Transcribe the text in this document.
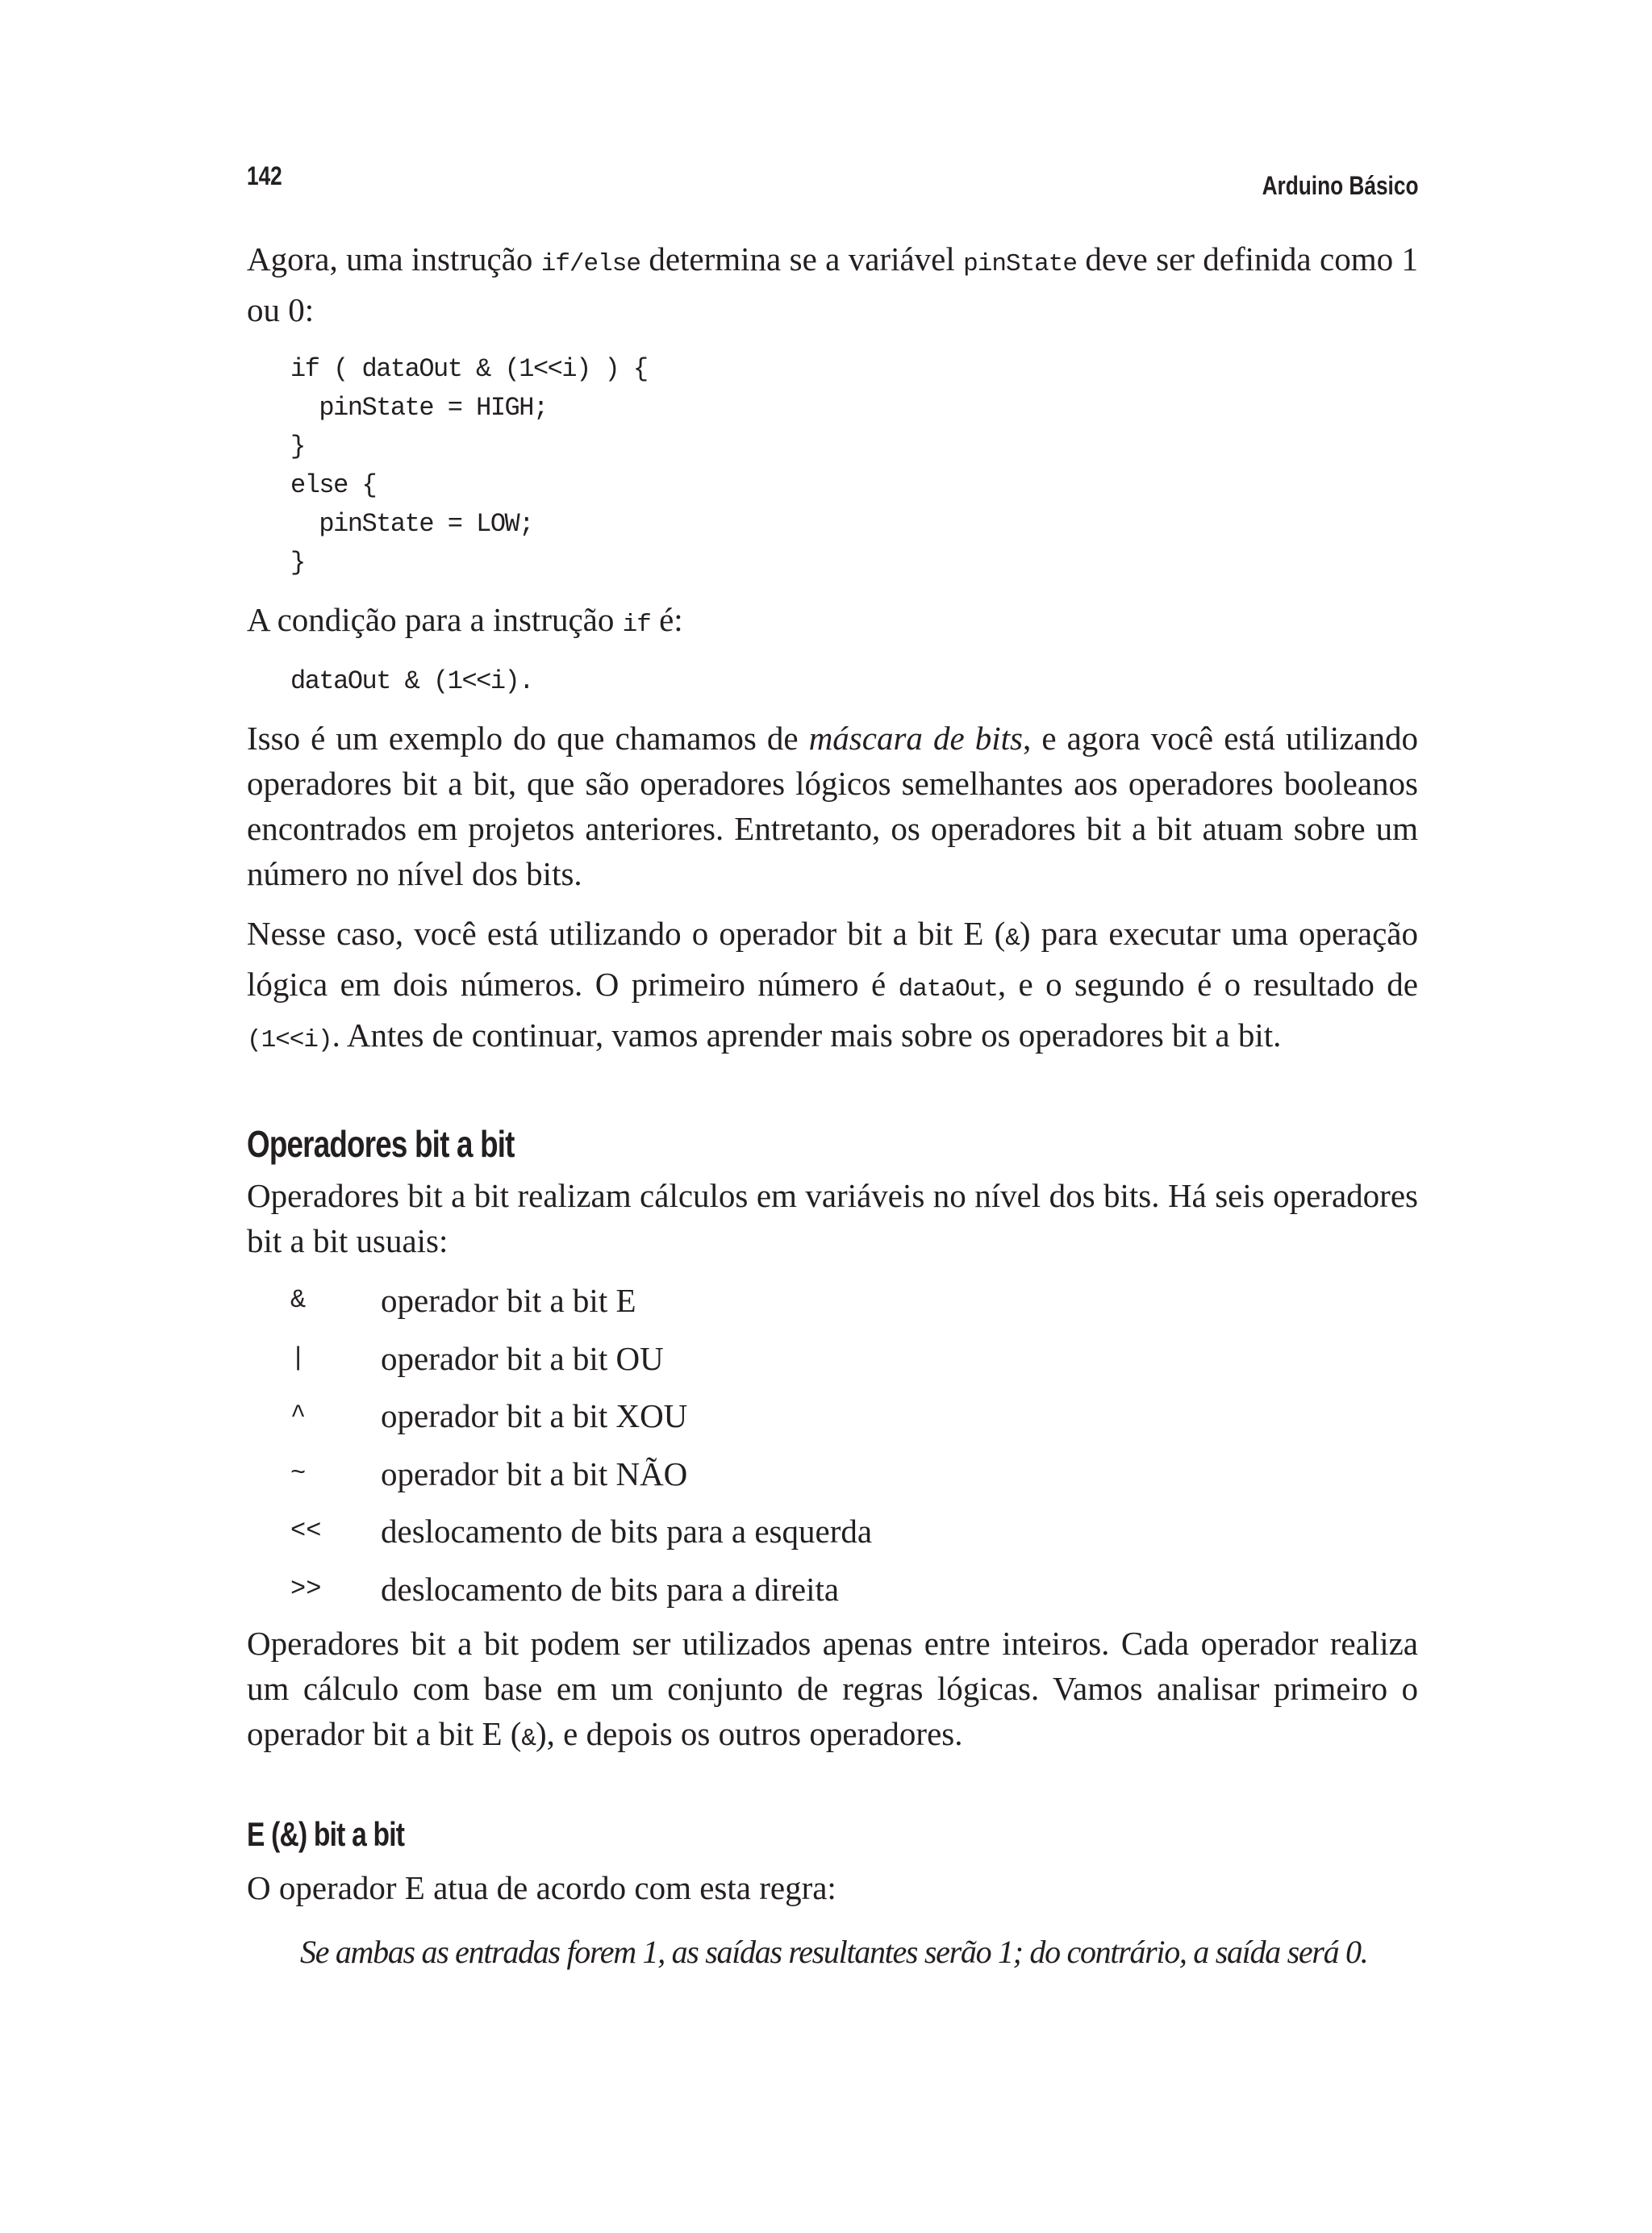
142	Arduino Básico

Agora, uma instrução if/else determina se a variável pinState deve ser definida como 1 ou 0:

if ( dataOut & (1<<i) ) {
pinState = HIGH;
}
else {
pinState = LOW;
}

A condição para a instrução if é:

dataOut & (1<<i).

Isso é um exemplo do que chamamos de máscara de bits, e agora você está utilizando operadores bit a bit, que são operadores lógicos semelhantes aos operadores booleanos encontrados em projetos anteriores. Entretanto, os operadores bit a bit atuam sobre um número no nível dos bits.

Nesse caso, você está utilizando o operador bit a bit E (&) para executar uma operação lógica em dois números. O primeiro número é dataOut, e o segundo é o resultado de (1<<i). Antes de continuar, vamos aprender mais sobre os operadores bit a bit.

Operadores bit a bit

Operadores bit a bit realizam cálculos em variáveis no nível dos bits. Há seis operadores bit a bit usuais:

&	operador bit a bit E
|	operador bit a bit OU
^	operador bit a bit XOU
~	operador bit a bit NÃO
<<	deslocamento de bits para a esquerda
>>	deslocamento de bits para a direita

Operadores bit a bit podem ser utilizados apenas entre inteiros. Cada operador realiza um cálculo com base em um conjunto de regras lógicas. Vamos analisar primeiro o operador bit a bit E (&), e depois os outros operadores.

E (&) bit a bit

O operador E atua de acordo com esta regra:

Se ambas as entradas forem 1, as saídas resultantes serão 1; do contrário, a saída será 0.
